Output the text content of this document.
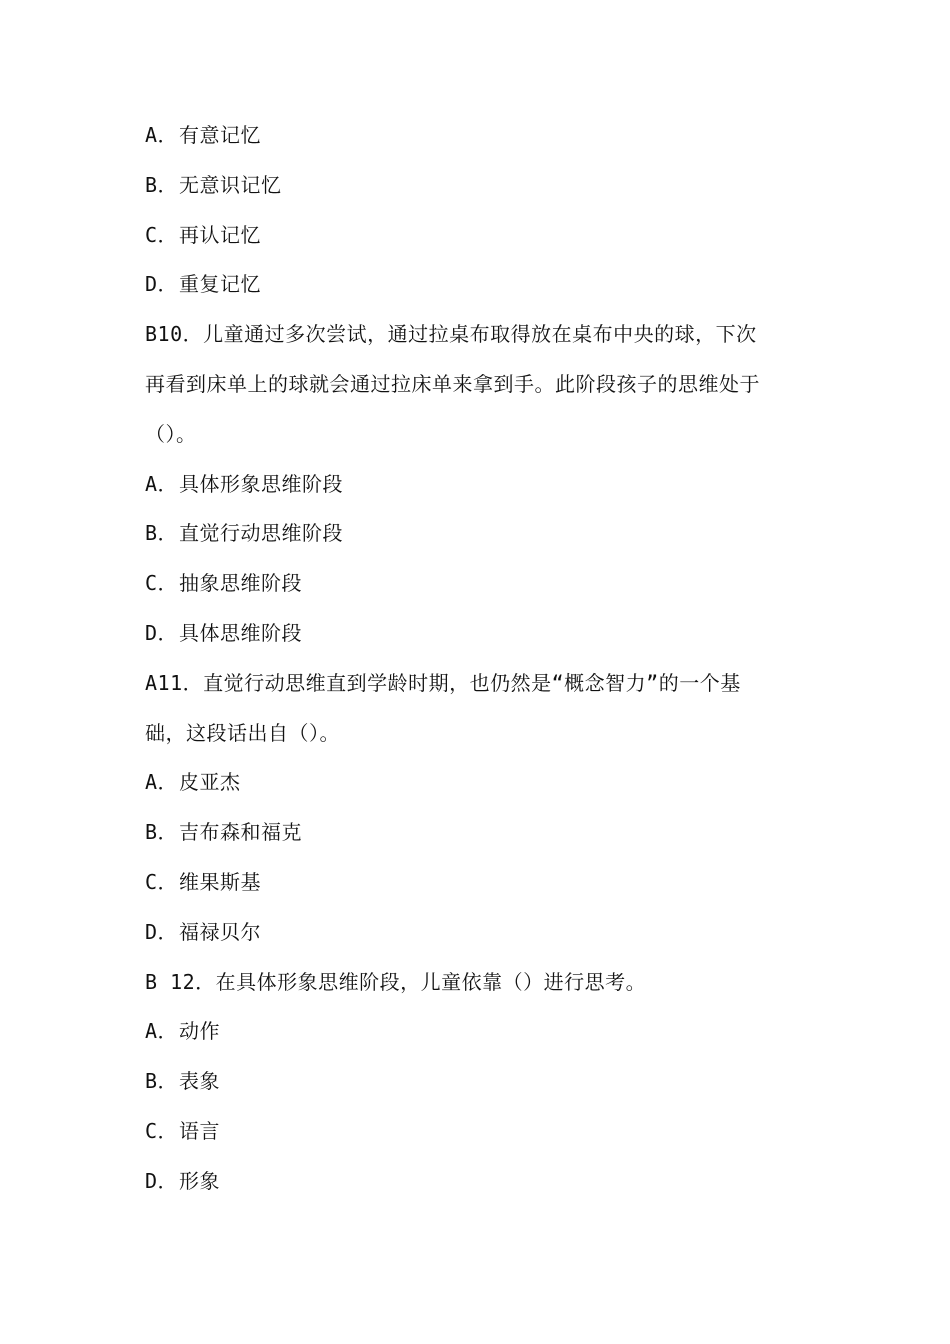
A．有意记忆
B．无意识记忆
C．再认记忆
D．重复记忆
B10．儿童通过多次尝试，通过拉桌布取得放在桌布中央的球，下次
再看到床单上的球就会通过拉床单来拿到手。此阶段孩子的思维处于
（）。
A．具体形象思维阶段
B．直觉行动思维阶段
C．抽象思维阶段
D．具体思维阶段
A11．直觉行动思维直到学龄时期，也仍然是“概念智力”的一个基
础，这段话出自（）。
A．皮亚杰
B．吉布森和福克
C．维果斯基
D．福禄贝尔
B 12．在具体形象思维阶段，儿童依靠（）进行思考。
A．动作
B．表象
C．语言
D．形象
